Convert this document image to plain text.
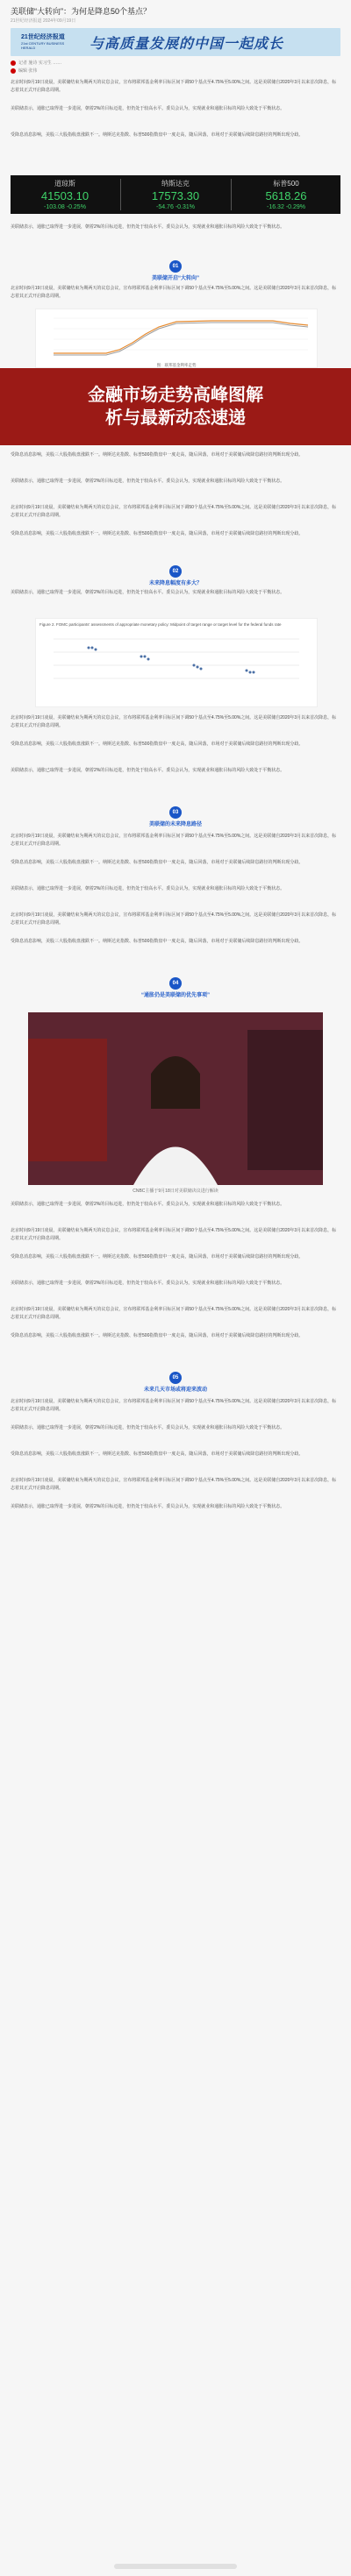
美联储“大转向”：为何是降息50个基点？
21世纪经济报道 2024年09月19日
21世纪经济报道
21st CENTURY BUSINESS HERALD	与高质量发展的中国一起成长
记者 施诗 实习生 ……
编辑 张伟

北京时间9月19日凌晨，美联储结束为期两天的议息会议，宣布将联邦基金利率目标区间下调50个基点至4.75%至5.00%之间。这是美联储自2020年3月以来首次降息，标志着其正式开启降息周期。

美联储表示，通胀已取得进一步进展，朝着2%的目标迈进，但仍处于较高水平。委员会认为，实现就业和通胀目标的风险大致处于平衡状态。

受降息消息影响，美股三大股指收盘涨跌不一。纳斯达克指数、标普500指数盘中一度走高，随后回落，市场对于美联储后续降息路径的判断出现分歧。

道琼斯
41503.10
-103.08 -0.25%
纳斯达克
17573.30
-54.76 -0.31%
标普500
5618.26
-16.32 -0.29%

美联储表示，通胀已取得进一步进展，朝着2%的目标迈进，但仍处于较高水平。委员会认为，实现就业和通胀目标的风险大致处于平衡状态。

01
美联储开启“大转向”

北京时间9月19日凌晨，美联储结束为期两天的议息会议，宣布将联邦基金利率目标区间下调50个基点至4.75%至5.00%之间。这是美联储自2020年3月以来首次降息，标志着其正式开启降息周期。

图：联邦基金利率走势
金融市场走势高峰图解
析与最新动态速递

受降息消息影响，美股三大股指收盘涨跌不一。纳斯达克指数、标普500指数盘中一度走高，随后回落，市场对于美联储后续降息路径的判断出现分歧。

美联储表示，通胀已取得进一步进展，朝着2%的目标迈进，但仍处于较高水平。委员会认为，实现就业和通胀目标的风险大致处于平衡状态。

北京时间9月19日凌晨，美联储结束为期两天的议息会议，宣布将联邦基金利率目标区间下调50个基点至4.75%至5.00%之间。这是美联储自2020年3月以来首次降息，标志着其正式开启降息周期。

受降息消息影响，美股三大股指收盘涨跌不一。纳斯达克指数、标普500指数盘中一度走高，随后回落，市场对于美联储后续降息路径的判断出现分歧。

02
未来降息幅度有多大？

美联储表示，通胀已取得进一步进展，朝着2%的目标迈进，但仍处于较高水平。委员会认为，实现就业和通胀目标的风险大致处于平衡状态。

Figure 2. FOMC participants' assessments of appropriate monetary policy: Midpoint of target range or target level for the federal funds rate

北京时间9月19日凌晨，美联储结束为期两天的议息会议，宣布将联邦基金利率目标区间下调50个基点至4.75%至5.00%之间。这是美联储自2020年3月以来首次降息，标志着其正式开启降息周期。

受降息消息影响，美股三大股指收盘涨跌不一。纳斯达克指数、标普500指数盘中一度走高，随后回落，市场对于美联储后续降息路径的判断出现分歧。

美联储表示，通胀已取得进一步进展，朝着2%的目标迈进，但仍处于较高水平。委员会认为，实现就业和通胀目标的风险大致处于平衡状态。

03
美联储的未来降息路径

北京时间9月19日凌晨，美联储结束为期两天的议息会议，宣布将联邦基金利率目标区间下调50个基点至4.75%至5.00%之间。这是美联储自2020年3月以来首次降息，标志着其正式开启降息周期。

受降息消息影响，美股三大股指收盘涨跌不一。纳斯达克指数、标普500指数盘中一度走高，随后回落，市场对于美联储后续降息路径的判断出现分歧。

美联储表示，通胀已取得进一步进展，朝着2%的目标迈进，但仍处于较高水平。委员会认为，实现就业和通胀目标的风险大致处于平衡状态。

北京时间9月19日凌晨，美联储结束为期两天的议息会议，宣布将联邦基金利率目标区间下调50个基点至4.75%至5.00%之间。这是美联储自2020年3月以来首次降息，标志着其正式开启降息周期。

受降息消息影响，美股三大股指收盘涨跌不一。纳斯达克指数、标普500指数盘中一度走高，随后回落，市场对于美联储后续降息路径的判断出现分歧。

04
“通胀仍是美联储的优先事项”
CNBC主播于9月18日对美联储决议进行解读

美联储表示，通胀已取得进一步进展，朝着2%的目标迈进，但仍处于较高水平。委员会认为，实现就业和通胀目标的风险大致处于平衡状态。

北京时间9月19日凌晨，美联储结束为期两天的议息会议，宣布将联邦基金利率目标区间下调50个基点至4.75%至5.00%之间。这是美联储自2020年3月以来首次降息，标志着其正式开启降息周期。

受降息消息影响，美股三大股指收盘涨跌不一。纳斯达克指数、标普500指数盘中一度走高，随后回落，市场对于美联储后续降息路径的判断出现分歧。

美联储表示，通胀已取得进一步进展，朝着2%的目标迈进，但仍处于较高水平。委员会认为，实现就业和通胀目标的风险大致处于平衡状态。

北京时间9月19日凌晨，美联储结束为期两天的议息会议，宣布将联邦基金利率目标区间下调50个基点至4.75%至5.00%之间。这是美联储自2020年3月以来首次降息，标志着其正式开启降息周期。

受降息消息影响，美股三大股指收盘涨跌不一。纳斯达克指数、标普500指数盘中一度走高，随后回落，市场对于美联储后续降息路径的判断出现分歧。

05
未来几天市场或将迎来波动

北京时间9月19日凌晨，美联储结束为期两天的议息会议，宣布将联邦基金利率目标区间下调50个基点至4.75%至5.00%之间。这是美联储自2020年3月以来首次降息，标志着其正式开启降息周期。

美联储表示，通胀已取得进一步进展，朝着2%的目标迈进，但仍处于较高水平。委员会认为，实现就业和通胀目标的风险大致处于平衡状态。

受降息消息影响，美股三大股指收盘涨跌不一。纳斯达克指数、标普500指数盘中一度走高，随后回落，市场对于美联储后续降息路径的判断出现分歧。

北京时间9月19日凌晨，美联储结束为期两天的议息会议，宣布将联邦基金利率目标区间下调50个基点至4.75%至5.00%之间。这是美联储自2020年3月以来首次降息，标志着其正式开启降息周期。

美联储表示，通胀已取得进一步进展，朝着2%的目标迈进，但仍处于较高水平。委员会认为，实现就业和通胀目标的风险大致处于平衡状态。
